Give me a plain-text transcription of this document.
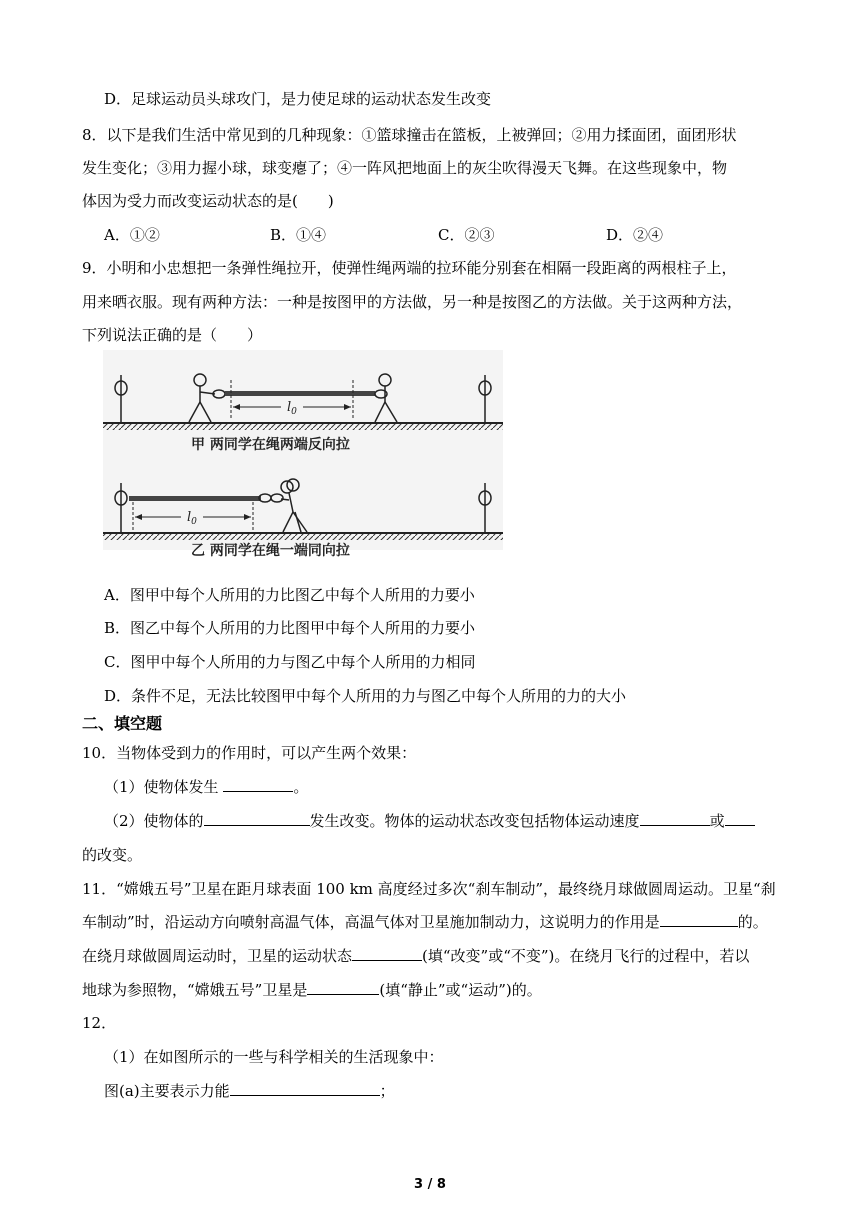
D．足球运动员头球攻门，是力使足球的运动状态发生改变
8．以下是我们生活中常见到的几种现象：①篮球撞击在篮板，上被弹回；②用力揉面团，面团形状
发生变化；③用力握小球，球变瘪了；④一阵风把地面上的灰尘吹得漫天飞舞。在这些现象中，物
体因为受力而改变运动状态的是(　　)
A．①②	B．①④	C．②③	D．②④
9．小明和小忠想把一条弹性绳拉开，使弹性绳两端的拉环能分别套在相隔一段距离的两根柱子上，
用来晒衣服。现有两种方法：一种是按图甲的方法做，另一种是按图乙的方法做。关于这两种方法，
下列说法正确的是（　　）
$l_0$
甲 两同学在绳两端反向拉
$l_0$
乙 两同学在绳一端同向拉
A．图甲中每个人所用的力比图乙中每个人所用的力要小
B．图乙中每个人所用的力比图甲中每个人所用的力要小
C．图甲中每个人所用的力与图乙中每个人所用的力相同
D．条件不足，无法比较图甲中每个人所用的力与图乙中每个人所用的力的大小
二、填空题
10．当物体受到力的作用时，可以产生两个效果：
（1）使物体发生	。
（2）使物体的	发生改变。物体的运动状态改变包括物体运动速度	或
的改变。
11．“嫦娥五号”卫星在距月球表面 100 km 高度经过多次“刹车制动”，最终绕月球做圆周运动。卫星“刹
车制动”时，沿运动方向喷射高温气体，高温气体对卫星施加制动力，这说明力的作用是	的。
在绕月球做圆周运动时，卫星的运动状态	(填“改变”或“不变”)。在绕月飞行的过程中，若以
地球为参照物，“嫦娥五号”卫星是	(填“静止”或“运动”)的。
12．
（1）在如图所示的一些与科学相关的生活现象中：
图(a)主要表示力能	；
3 / 8
